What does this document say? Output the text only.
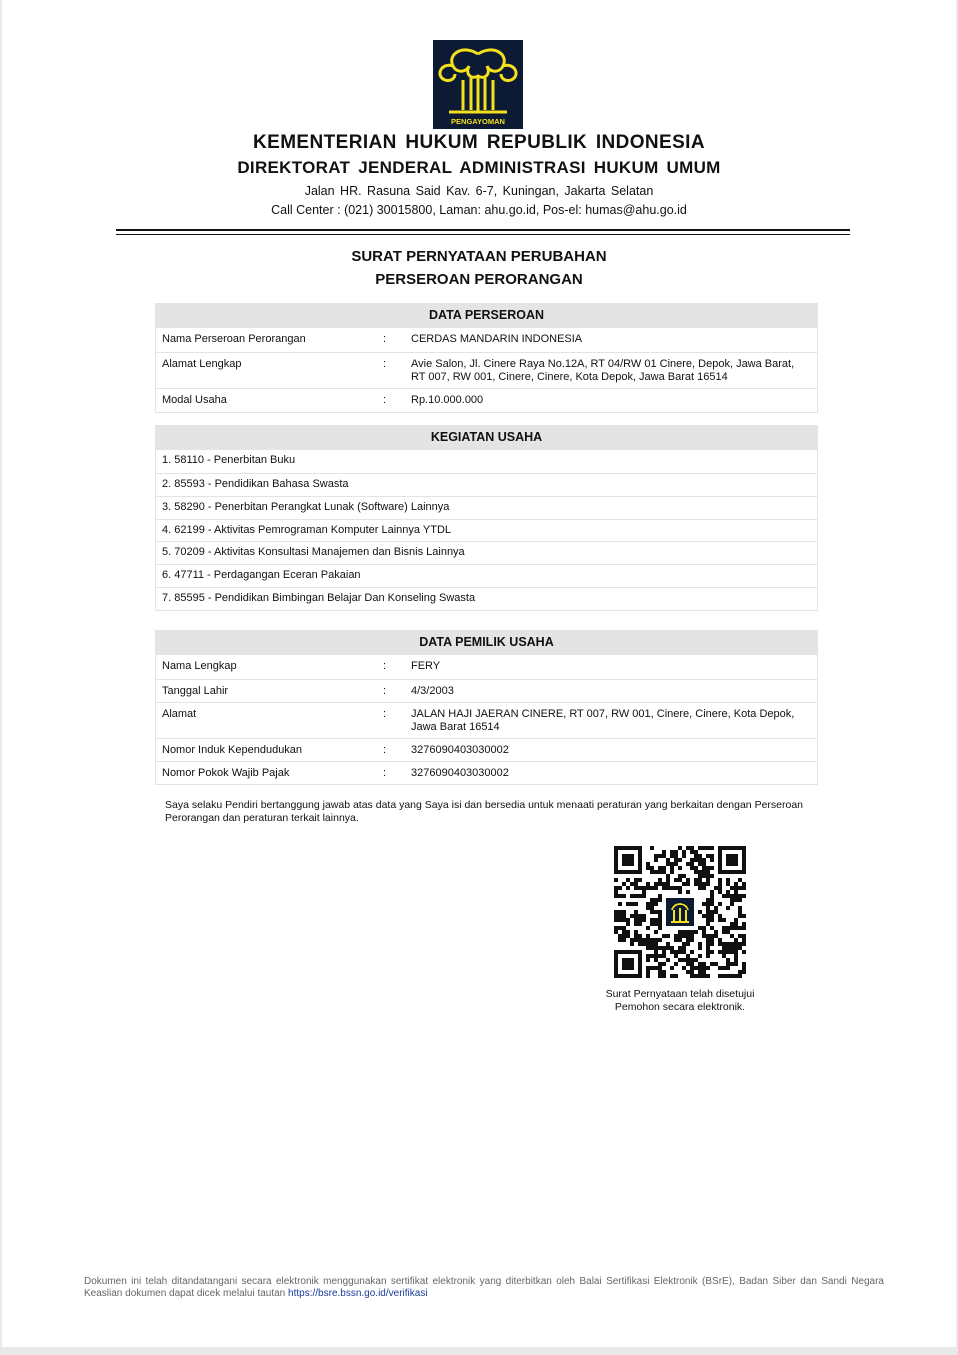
PENGAYOMAN
KEMENTERIAN HUKUM REPUBLIK INDONESIA
DIREKTORAT JENDERAL ADMINISTRASI HUKUM UMUM
Jalan HR. Rasuna Said Kav. 6-7, Kuningan, Jakarta Selatan
Call Center : (021) 30015800, Laman: ahu.go.id, Pos-el: humas@ahu.go.id
SURAT PERNYATAAN PERUBAHAN
PERSEROAN PERORANGAN
DATA PERSEROAN
Nama Perseroan Perorangan	: CERDAS MANDARIN INDONESIA
Alamat Lengkap	: Avie Salon, Jl. Cinere Raya No.12A, RT 04/RW 01 Cinere, Depok, Jawa Barat, RT 007, RW 001, Cinere, Cinere, Kota Depok, Jawa Barat 16514
Modal Usaha	: Rp.10.000.000
KEGIATAN USAHA
1. 58110 - Penerbitan Buku
2. 85593 - Pendidikan Bahasa Swasta
3. 58290 - Penerbitan Perangkat Lunak (Software) Lainnya
4. 62199 - Aktivitas Pemrograman Komputer Lainnya YTDL
5. 70209 - Aktivitas Konsultasi Manajemen dan Bisnis Lainnya
6. 47711 - Perdagangan Eceran Pakaian
7. 85595 - Pendidikan Bimbingan Belajar Dan Konseling Swasta
DATA PEMILIK USAHA
Nama Lengkap	: FERY
Tanggal Lahir	: 4/3/2003
Alamat	: JALAN HAJI JAERAN CINERE, RT 007, RW 001, Cinere, Cinere, Kota Depok, Jawa Barat 16514
Nomor Induk Kependudukan	: 3276090403030002
Nomor Pokok Wajib Pajak	: 3276090403030002
Saya selaku Pendiri bertanggung jawab atas data yang Saya isi dan bersedia untuk menaati peraturan yang berkaitan dengan Perseroan Perorangan dan peraturan terkait lainnya.
Surat Pernyataan telah disetujui
Pemohon secara elektronik.
Dokumen ini telah ditandatangani secara elektronik menggunakan sertifikat elektronik yang diterbitkan oleh Balai Sertifikasi Elektronik (BSrE), Badan Siber dan Sandi Negara Keaslian dokumen dapat dicek melalui tautan https://bsre.bssn.go.id/verifikasi
